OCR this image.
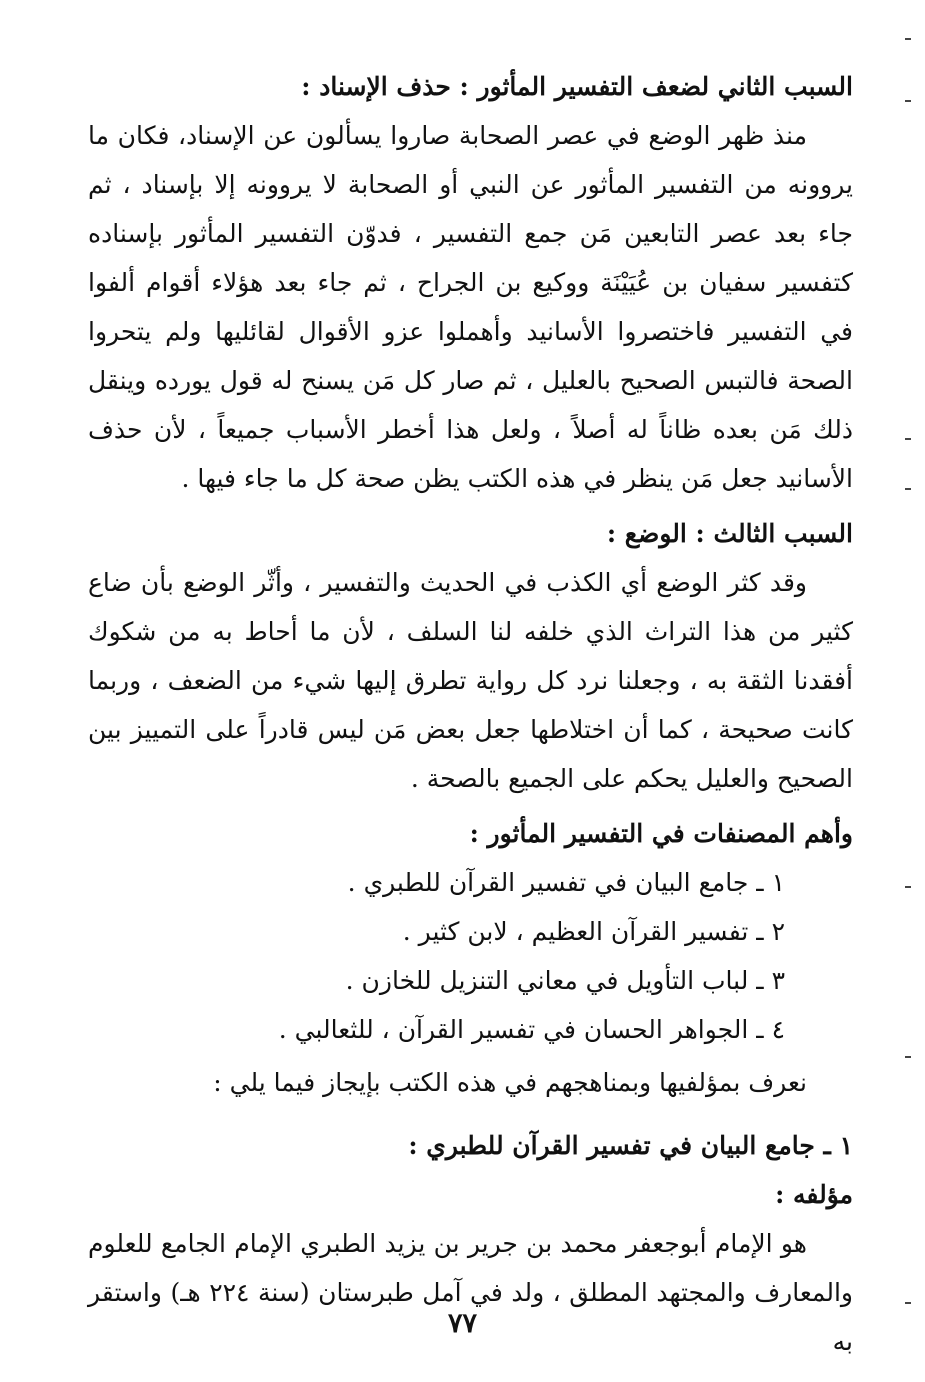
السبب الثاني لضعف التفسير المأثور : حذف الإسناد :

منذ ظهر الوضع في عصر الصحابة صاروا يسألون عن الإسناد، فكان ما يروونه من التفسير المأثور عن النبي أو الصحابة لا يروونه إلا بإسناد ، ثم جاء بعد عصر التابعين مَن جمع التفسير ، فدوّن التفسير المأثور بإسناده كتفسير سفيان بن عُيَيْنَة ووكيع بن الجراح ، ثم جاء بعد هؤلاء أقوام ألفوا في التفسير فاختصروا الأسانيد وأهملوا عزو الأقوال لقائليها ولم يتحروا الصحة فالتبس الصحيح بالعليل ، ثم صار كل مَن يسنح له قول يورده وينقل ذلك مَن بعده ظاناً له أصلاً ، ولعل هذا أخطر الأسباب جميعاً ، لأن حذف الأسانيد جعل مَن ينظر في هذه الكتب يظن صحة كل ما جاء فيها .

السبب الثالث : الوضع :

وقد كثر الوضع أي الكذب في الحديث والتفسير ، وأثّر الوضع بأن ضاع كثير من هذا التراث الذي خلفه لنا السلف ، لأن ما أحاط به من شكوك أفقدنا الثقة به ، وجعلنا نرد كل رواية تطرق إليها شيء من الضعف ، وربما كانت صحيحة ، كما أن اختلاطها جعل بعض مَن ليس قادراً على التمييز بين الصحيح والعليل يحكم على الجميع بالصحة .

وأهم المصنفات في التفسير المأثور :

١ ـ جامع البيان في تفسير القرآن للطبري .
٢ ـ تفسير القرآن العظيم ، لابن كثير .
٣ ـ لباب التأويل في معاني التنزيل للخازن .
٤ ـ الجواهر الحسان في تفسير القرآن ، للثعالبي .

نعرف بمؤلفيها وبمناهجهم في هذه الكتب بإيجاز فيما يلي :

١ ـ جامع البيان في تفسير القرآن للطبري :

مؤلفه :

هو الإمام أبوجعفر محمد بن جرير بن يزيد الطبري الإمام الجامع للعلوم والمعارف والمجتهد المطلق ، ولد في آمل طبرستان (سنة ٢٢٤ هـ) واستقر به

٧٧
